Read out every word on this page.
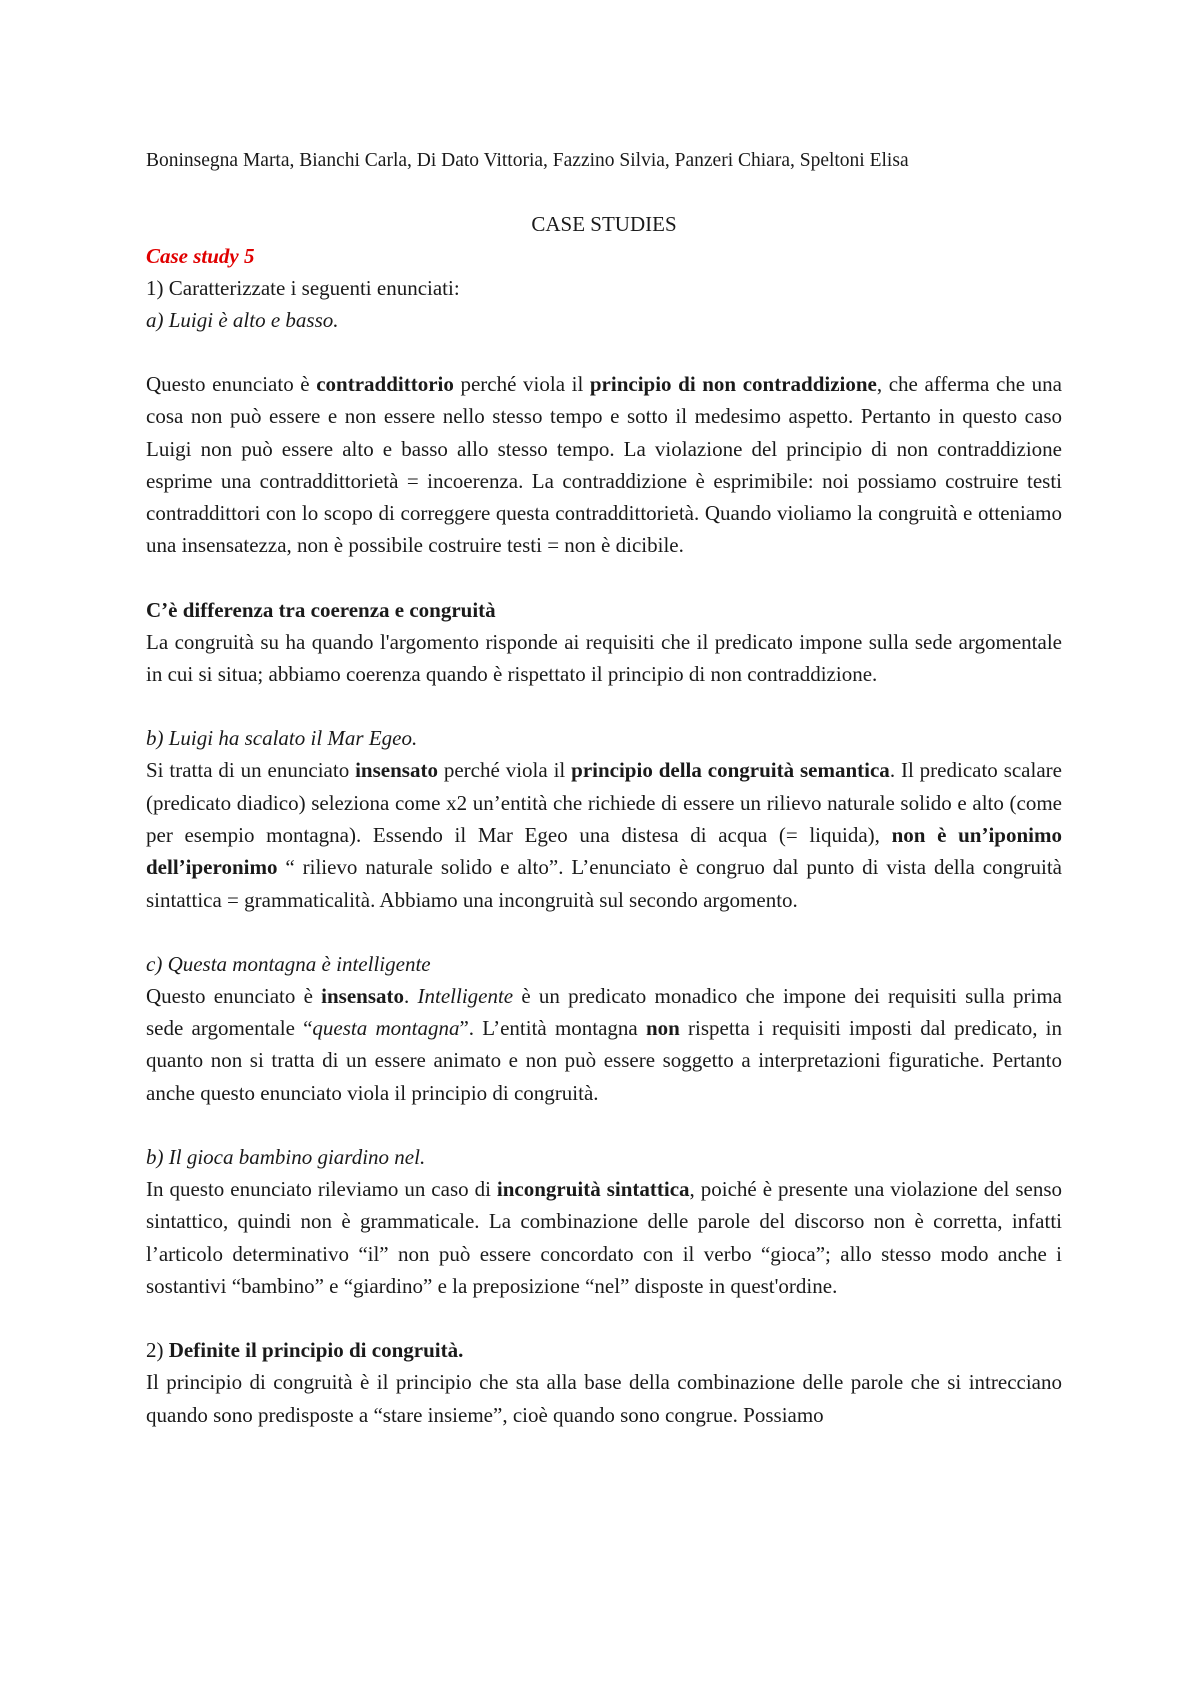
Boninsegna Marta, Bianchi Carla, Di Dato Vittoria, Fazzino Silvia, Panzeri Chiara, Speltoni Elisa

CASE STUDIES

Case study 5

1) Caratterizzate i seguenti enunciati:

a) Luigi è alto e basso.

Questo enunciato è contraddittorio perché viola il principio di non contraddizione, che afferma che una cosa non può essere e non essere nello stesso tempo e sotto il medesimo aspetto. Pertanto in questo caso Luigi non può essere alto e basso allo stesso tempo. La violazione del principio di non contraddizione esprime una contraddittorietà = incoerenza. La contraddizione è esprimibile: noi possiamo costruire testi contraddittori con lo scopo di correggere questa contraddittorietà. Quando violiamo la congruità e otteniamo una insensatezza, non è possibile costruire testi = non è dicibile.

C’è differenza tra coerenza e congruità

La congruità su ha quando l'argomento risponde ai requisiti che il predicato impone sulla sede argomentale in cui si situa; abbiamo coerenza quando è rispettato il principio di non contraddizione.

b) Luigi ha scalato il Mar Egeo.

Si tratta di un enunciato insensato perché viola il principio della congruità semantica. Il predicato scalare (predicato diadico) seleziona come x2 un’entità che richiede di essere un rilievo naturale solido e alto (come per esempio montagna). Essendo il Mar Egeo una distesa di acqua (= liquida), non è un’iponimo dell’iperonimo “ rilievo naturale solido e alto”. L’enunciato è congruo dal punto di vista della congruità sintattica = grammaticalità. Abbiamo una incongruità sul secondo argomento.

c) Questa montagna è intelligente

Questo enunciato è insensato. Intelligente è un predicato monadico che impone dei requisiti sulla prima sede argomentale “questa montagna”. L’entità montagna non rispetta i requisiti imposti dal predicato, in quanto non si tratta di un essere animato e non può essere soggetto a interpretazioni figuratiche. Pertanto anche questo enunciato viola il principio di congruità.

b) Il gioca bambino giardino nel.

In questo enunciato rileviamo un caso di incongruità sintattica, poiché è presente una violazione del senso sintattico, quindi non è grammaticale. La combinazione delle parole del discorso non è corretta, infatti l’articolo determinativo “il” non può essere concordato con il verbo “gioca”; allo stesso modo anche i sostantivi “bambino” e “giardino” e la preposizione “nel” disposte in quest'ordine.

2) Definite il principio di congruità.

Il principio di congruità è il principio che sta alla base della combinazione delle parole che si intrecciano quando sono predisposte a “stare insieme”, cioè quando sono congrue. Possiamo
